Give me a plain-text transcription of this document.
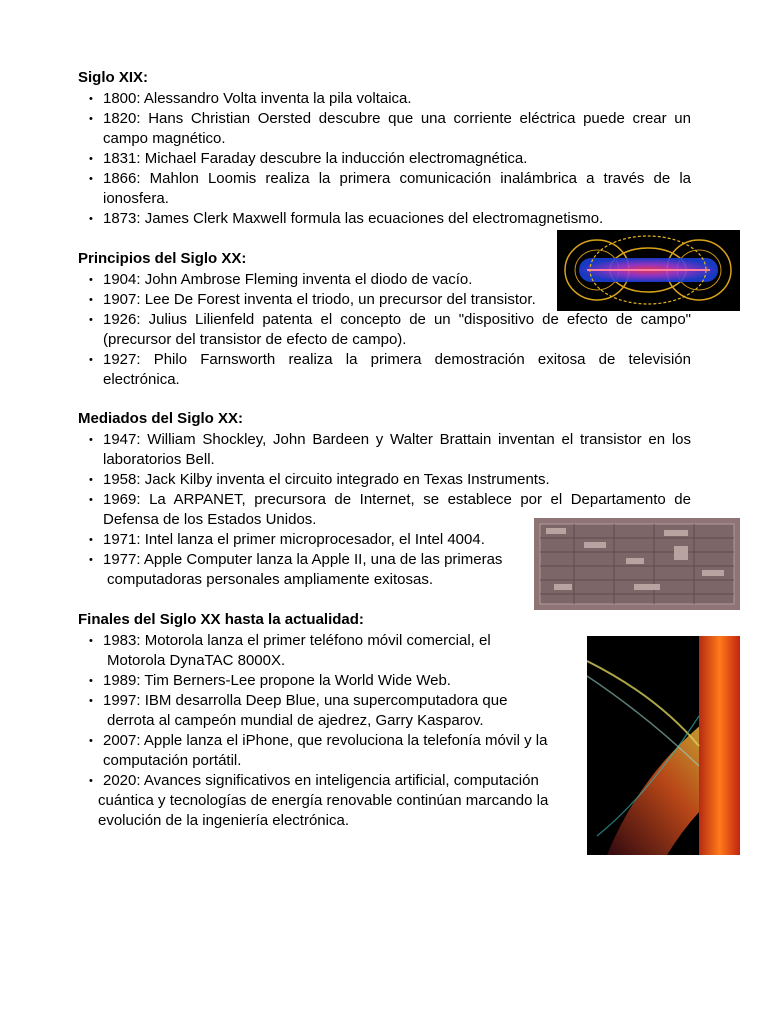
Siglo XIX:
• 1800: Alessandro Volta inventa la pila voltaica.
• 1820: Hans Christian Oersted descubre que una corriente eléctrica puede crear un
campo magnético.
• 1831: Michael Faraday descubre la inducción electromagnética.
• 1866: Mahlon Loomis realiza la primera comunicación inalámbrica a través de la
ionosfera.
• 1873: James Clerk Maxwell formula las ecuaciones del electromagnetismo.
Principios del Siglo XX:
• 1904: John Ambrose Fleming inventa el diodo de vacío.
• 1907: Lee De Forest inventa el triodo, un precursor del transistor.
• 1926: Julius Lilienfeld patenta el concepto de un "dispositivo de efecto de campo"
(precursor del transistor de efecto de campo).
• 1927: Philo Farnsworth realiza la primera demostración exitosa de televisión
electrónica.
Mediados del Siglo XX:
• 1947: William Shockley, John Bardeen y Walter Brattain inventan el transistor en los
laboratorios Bell.
• 1958: Jack Kilby inventa el circuito integrado en Texas Instruments.
• 1969: La ARPANET, precursora de Internet, se establece por el Departamento de
Defensa de los Estados Unidos.
• 1971: Intel lanza el primer microprocesador, el Intel 4004.
• 1977: Apple Computer lanza la Apple II, una de las primeras
computadoras personales ampliamente exitosas.
Finales del Siglo XX hasta la actualidad:
• 1983: Motorola lanza el primer teléfono móvil comercial, el
Motorola DynaTAC 8000X.
• 1989: Tim Berners-Lee propone la World Wide Web.
• 1997: IBM desarrolla Deep Blue, una supercomputadora que
derrota al campeón mundial de ajedrez, Garry Kasparov.
• 2007: Apple lanza el iPhone, que revoluciona la telefonía móvil y la
computación portátil.
• 2020: Avances significativos en inteligencia artificial, computación
cuántica y tecnologías de energía renovable continúan marcando la
evolución de la ingeniería electrónica.
